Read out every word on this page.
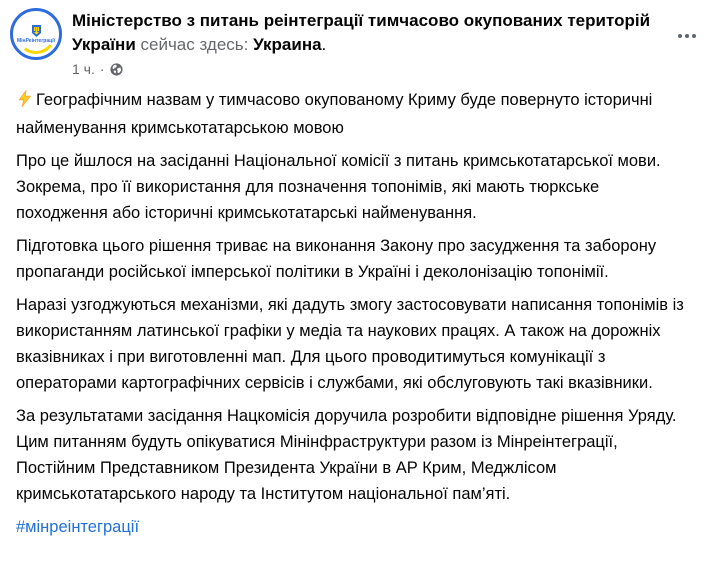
МінРеінтеграції
Міністерство з питань реінтеграції тимчасово окупованих територій України сейчас здесь: Украина.
1 ч. ·

Географічним назвам у тимчасово окупованому Криму буде повернуто історичні найменування кримськотатарською мовою

Про це йшлося на засіданні Національної комісії з питань кримськотатарської мови. Зокрема, про її використання для позначення топонімів, які мають тюркське походження або історичні кримськотатарські найменування.

Підготовка цього рішення триває на виконання Закону про засудження та заборону пропаганди російської імперської політики в Україні і деколонізацію топонімії.

Наразі узгоджуються механізми, які дадуть змогу застосовувати написання топонімів із використанням латинської графіки у медіа та наукових працях. А також на дорожніх вказівниках і при виготовленні мап. Для цього проводитимуться комунікації з операторами картографічних сервісів і службами, які обслуговують такі вказівники.

За результатами засідання Нацкомісія доручила розробити відповідне рішення Уряду. Цим питанням будуть опікуватися Мінінфраструктури разом із Мінреінтеграції, Постійним Представником Президента України в АР Крим, Меджлісом кримськотатарського народу та Інститутом національної пам’яті.

#мінреінтеграції
